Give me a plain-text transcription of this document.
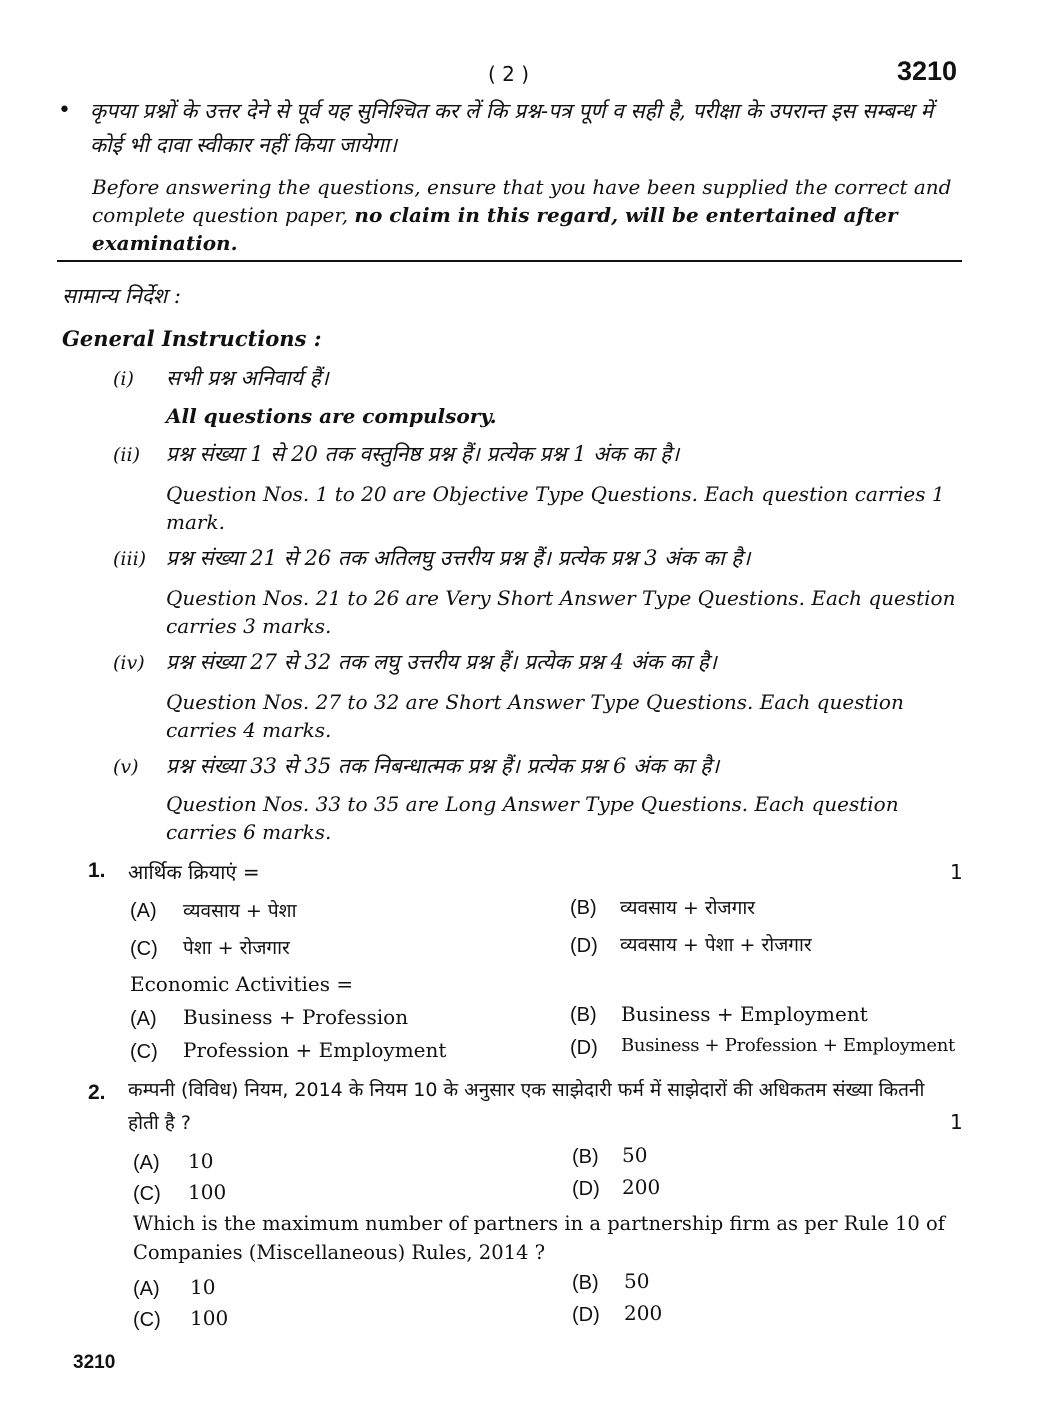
( 2 )	3210
• कृपया प्रश्नों के उत्तर देने से पूर्व यह सुनिश्चित कर लें कि प्रश्न-पत्र पूर्ण व सही है, परीक्षा के उपरान्त इस सम्बन्ध में कोई भी दावा स्वीकार नहीं किया जायेगा।
Before answering the questions, ensure that you have been supplied the correct and complete question paper, no claim in this regard, will be entertained after examination.
सामान्य निर्देश :
General Instructions :
(i) सभी प्रश्न अनिवार्य हैं।
All questions are compulsory.
(ii) प्रश्न संख्या 1 से 20 तक वस्तुनिष्ठ प्रश्न हैं। प्रत्येक प्रश्न 1 अंक का है।
Question Nos. 1 to 20 are Objective Type Questions. Each question carries 1 mark.
(iii) प्रश्न संख्या 21 से 26 तक अतिलघु उत्तरीय प्रश्न हैं। प्रत्येक प्रश्न 3 अंक का है।
Question Nos. 21 to 26 are Very Short Answer Type Questions. Each question carries 3 marks.
(iv) प्रश्न संख्या 27 से 32 तक लघु उत्तरीय प्रश्न हैं। प्रत्येक प्रश्न 4 अंक का है।
Question Nos. 27 to 32 are Short Answer Type Questions. Each question carries 4 marks.
(v) प्रश्न संख्या 33 से 35 तक निबन्धात्मक प्रश्न हैं। प्रत्येक प्रश्न 6 अंक का है।
Question Nos. 33 to 35 are Long Answer Type Questions. Each question carries 6 marks.
1. आर्थिक क्रियाएं =	1
(A) व्यवसाय + पेशा	(B) व्यवसाय + रोजगार
(C) पेशा + रोजगार	(D) व्यवसाय + पेशा + रोजगार
Economic Activities =
(A) Business + Profession	(B) Business + Employment
(C) Profession + Employment	(D) Business + Profession + Employment
2. कम्पनी (विविध) नियम, 2014 के नियम 10 के अनुसार एक साझेदारी फर्म में साझेदारों की अधिकतम संख्या कितनी होती है ?	1
(A) 10	(B) 50
(C) 100	(D) 200
Which is the maximum number of partners in a partnership firm as per Rule 10 of Companies (Miscellaneous) Rules, 2014 ?
(A) 10	(B) 50
(C) 100	(D) 200
3210
